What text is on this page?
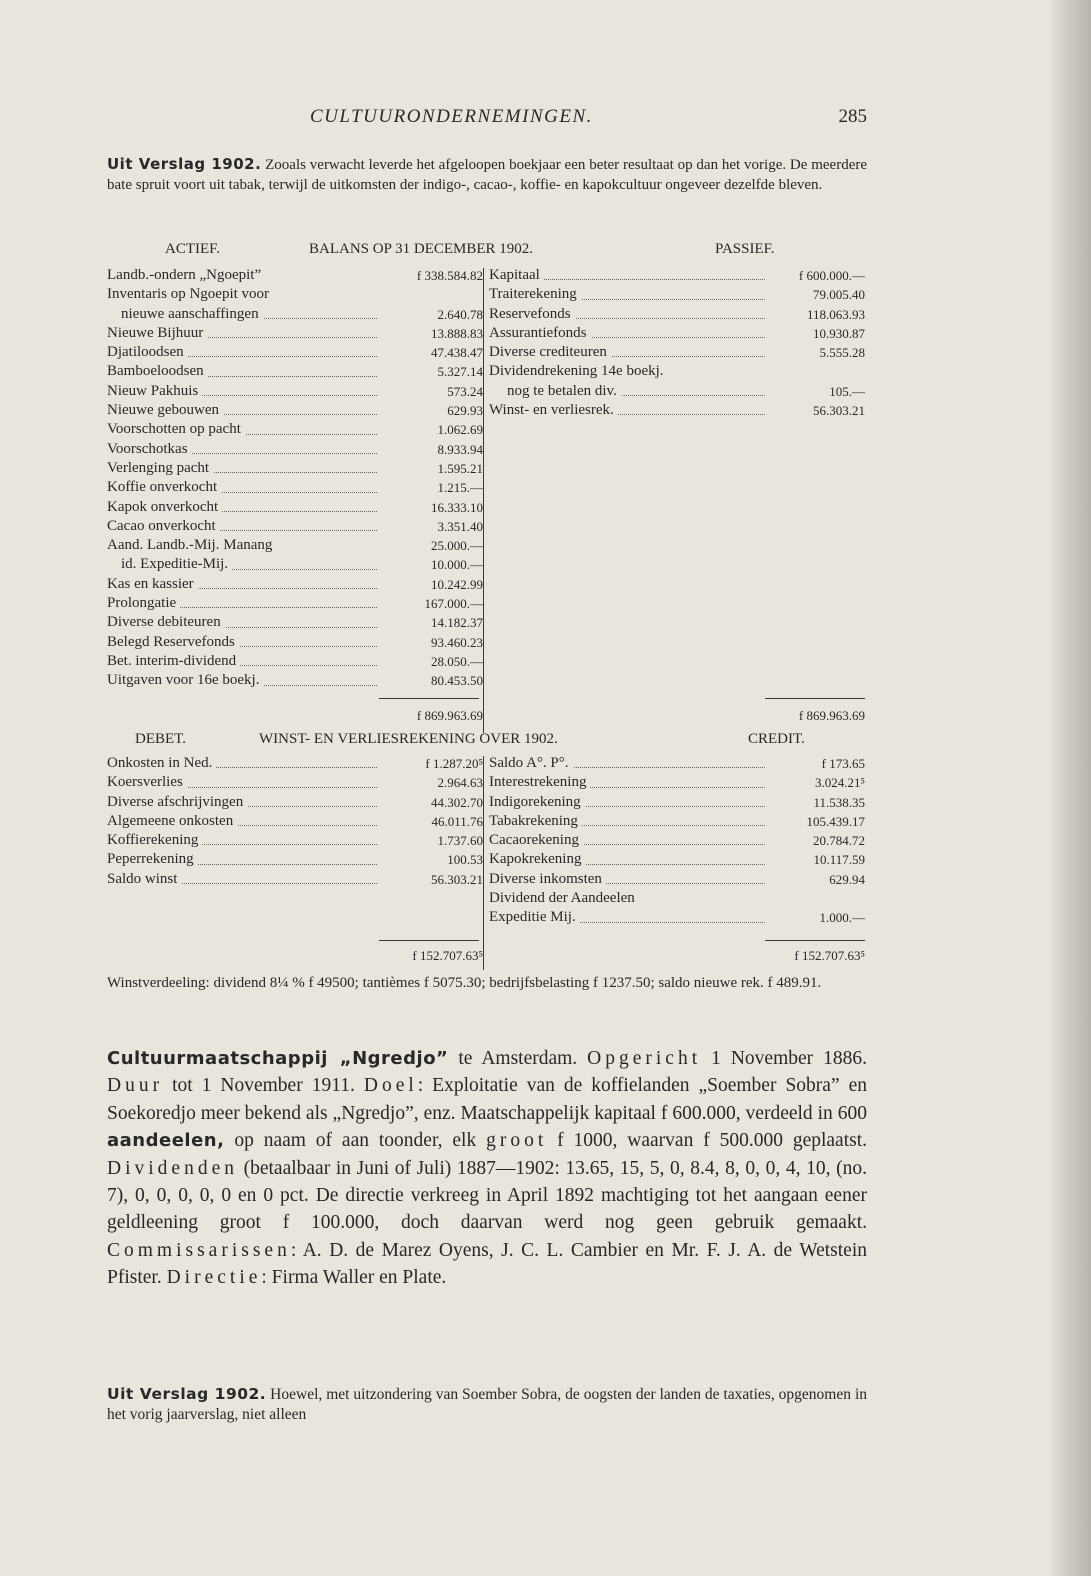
CULTUURONDERNEMINGEN.	285
Uit Verslag 1902. Zooals verwacht leverde het afgeloopen boekjaar een beter resultaat op dan het vorige. De meerdere bate spruit voort uit tabak, terwijl de uitkomsten der indigo-, cacao-, koffie- en kapokcultuur ongeveer dezelfde bleven.
ACTIEF.	BALANS OP 31 DECEMBER 1902.	PASSIEF.
Landb.-ondern „Ngoepit”	f 338.584.82 Kapitaal	f 600.000.—
Inventaris op Ngoepit voor	Traiterekening	79.005.40
nieuwe aanschaffingen	2.640.78 Reservefonds	118.063.93
Nieuwe Bijhuur	13.888.83 Assurantiefonds	10.930.87
Djatiloodsen	47.438.47 Diverse crediteuren	5.555.28
Bamboeloodsen	5.327.14 Dividendrekening 14e boekj.
Nieuw Pakhuis	573.24	nog te betalen div.	105.—
Nieuwe gebouwen	629.93 Winst- en verliesrek.	56.303.21
Voorschotten op pacht	1.062.69
Voorschotkas	8.933.94
Verlenging pacht	1.595.21
Koffie onverkocht	1.215.—
Kapok onverkocht	16.333.10
Cacao onverkocht	3.351.40
Aand. Landb.-Mij. Manang	25.000.—
id. Expeditie-Mij.	10.000.—
Kas en kassier	10.242.99
Prolongatie	167.000.—
Diverse debiteuren	14.182.37
Belegd Reservefonds	93.460.23
Bet. interim-dividend	28.050.—
Uitgaven voor 16e boekj.	80.453.50
f 869.963.69	f 869.963.69
DEBET.	WINST- EN VERLIESREKENING OVER 1902.	CREDIT.
Onkosten in Ned.	f 1.287.20⁵ Saldo A°. P°.	f 173.65
Koersverlies	2.964.63 Interestrekening	3.024.21⁵
Diverse afschrijvingen	44.302.70 Indigorekening	11.538.35
Algemeene onkosten	46.011.76 Tabakrekening	105.439.17
Koffierekening	1.737.60 Cacaorekening	20.784.72
Peperrekening	100.53 Kapokrekening	10.117.59
Saldo winst	56.303.21 Diverse inkomsten	629.94
Dividend der Aandeelen
Expeditie Mij.	1.000.—
f 152.707.63⁵	f 152.707.63⁵
Winstverdeeling: dividend 8¼ % f 49500; tantièmes f 5075.30; bedrijfsbelasting f 1237.50; saldo nieuwe rek. f 489.91.
Cultuurmaatschappij „Ngredjo” te Amsterdam. Opgericht 1 November 1886. Duur tot 1 November 1911. Doel: Exploitatie van de koffielanden „Soember Sobra” en Soekoredjo meer bekend als „Ngredjo”, enz. Maatschappelijk kapitaal f 600.000, verdeeld in 600 aandeelen, op naam of aan toonder, elk groot f 1000, waarvan f 500.000 geplaatst. Dividenden (betaalbaar in Juni of Juli) 1887—1902: 13.65, 15, 5, 0, 8.4, 8, 0, 0, 4, 10, (no. 7), 0, 0, 0, 0, 0 en 0 pct. De directie verkreeg in April 1892 machtiging tot het aangaan eener geldleening groot f 100.000, doch daarvan werd nog geen gebruik gemaakt. Commissarissen: A. D. de Marez Oyens, J. C. L. Cambier en Mr. F. J. A. de Wetstein Pfister. Directie: Firma Waller en Plate.
Uit Verslag 1902. Hoewel, met uitzondering van Soember Sobra, de oogsten der landen de taxaties, opgenomen in het vorig jaarverslag, niet alleen
